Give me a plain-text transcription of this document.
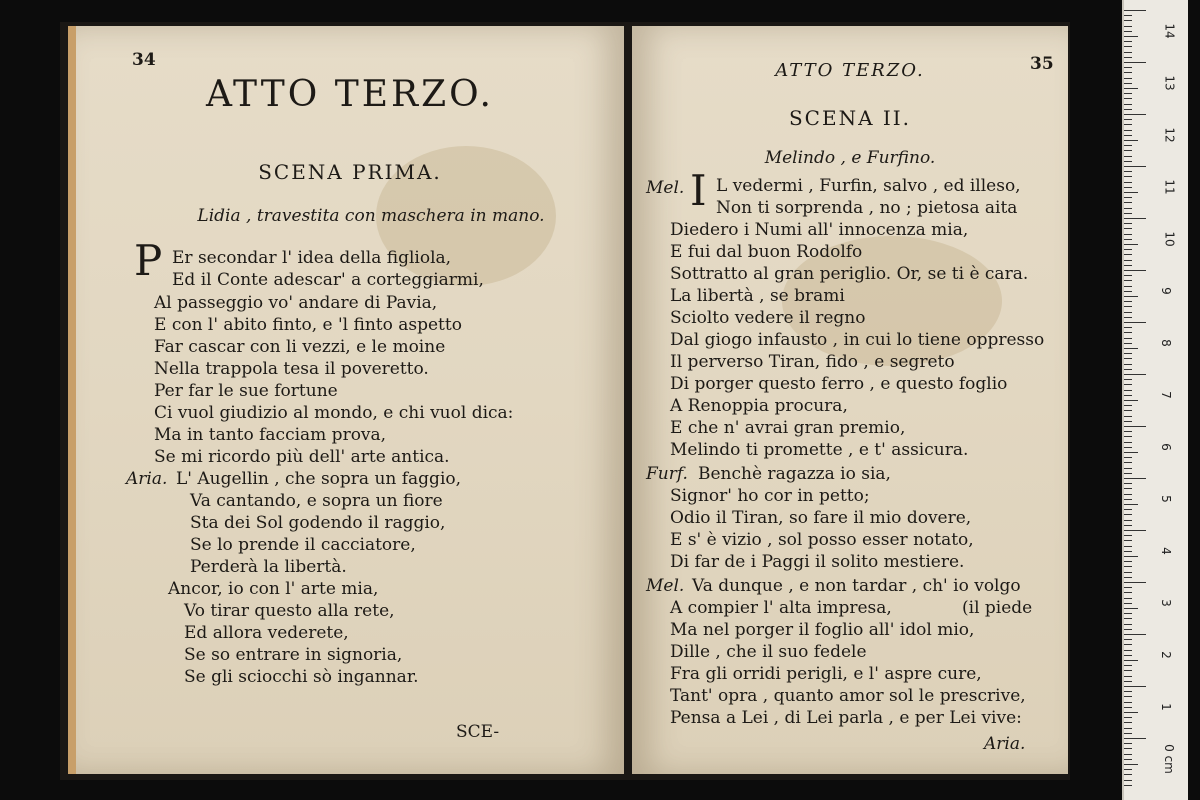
34
ATTO TERZO.
SCENA PRIMA.
Lidia , travestita con maschera in mano.
P Er secondar l' idea della figliola,
Ed il Conte adescar' a corteggiarmi,
Al passeggio vo' andare di Pavia,
E con l' abito finto, e 'l finto aspetto
Far cascar con li vezzi, e le moine
Nella trappola tesa il poveretto.
Per far le sue fortune
Ci vuol giudizio al mondo, e chi vuol dica:
Ma in tanto facciam prova,
Se mi ricordo più dell' arte antica.
Aria. L' Augellin , che sopra un faggio,
Va cantando, e sopra un fiore
Sta dei Sol godendo il raggio,
Se lo prende il cacciatore,
Perderà la libertà.
Ancor, io con l' arte mia,
Vo tirar questo alla rete,
Ed allora vederete,
Se so entrare in signoria,
Se gli sciocchi sò ingannar.
SCE-
ATTO TERZO.	35
SCENA II.
Melindo , e Furfino.
Mel. I L vedermi , Furfin, salvo , ed illeso,
Non ti sorprenda , no ; pietosa aita
Diedero i Numi all' innocenza mia,
E fui dal buon Rodolfo
Sottratto al gran periglio. Or, se ti è cara.
La libertà , se brami
Sciolto vedere il regno
Dal giogo infausto , in cui lo tiene oppresso
Il perverso Tiran, fido , e segreto
Di porger questo ferro , e questo foglio
A Renoppia procura,
E che n' avrai gran premio,
Melindo ti promette , e t' assicura.
Furf. Benchè ragazza io sia,
Signor' ho cor in petto;
Odio il Tiran, so fare il mio dovere,
E s' è vizio , sol posso esser notato,
Di far de i Paggi il solito mestiere.
Mel. Va dunque , e non tardar , ch' io volgo
A compier l' alta impresa,	(il piede
Ma nel porger il foglio all' idol mio,
Dille , che il suo fedele
Fra gli orridi perigli, e l' aspre cure,
Tant' opra , quanto amor sol le prescrive,
Pensa a Lei , di Lei parla , e per Lei vive:
Aria.
14
13
12
11
10
9
8
7
6
5
4
3
2
1
0 cm
